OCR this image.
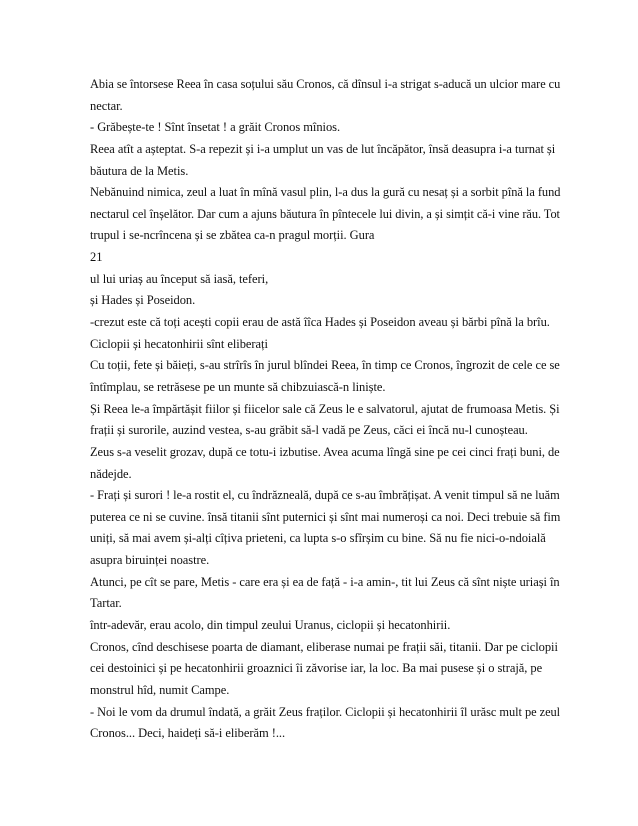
Abia se întorsese Reea în casa soțului său Cronos, că dînsul i-a strigat s-aducă un ulcior mare cu
nectar.
- Grăbește-te ! Sînt însetat ! a grăit Cronos mînios.
Reea atît a așteptat. S-a repezit și i-a umplut un vas de lut încăpător, însă deasupra i-a turnat și
băutura de la Metis.
Nebănuind nimica, zeul a luat în mînă vasul plin, l-a dus la gură cu nesaț și a sorbit pînă la fund
nectarul cel înșelător. Dar cum a ajuns băutura în pîntecele lui divin, a și simțit că-i vine rău. Tot
trupul i se-ncrîncena și se zbătea ca-n pragul morții. Gura
21
ul lui uriaș au început să iasă, teferi,
și Hades și Poseidon.
-crezut este că toți acești copii erau de astă îîca Hades și Poseidon aveau și bărbi pînă la brîu.
Ciclopii și hecatonhirii sînt eliberați
Cu toții, fete și băieți, s-au strîrîs în jurul blîndei Reea, în timp ce Cronos, îngrozit de cele ce se
întîmplau, se retrăsese pe un munte să chibzuiască-n liniște.
Și Reea le-a împărtășit fiilor și fiicelor sale că Zeus le e salvatorul, ajutat de frumoasa Metis. Și
frații și surorile, auzind vestea, s-au grăbit să-l vadă pe Zeus, căci ei încă nu-l cunoșteau.
Zeus s-a veselit grozav, după ce totu-i izbutise. Avea acuma lîngă sine pe cei cinci frați buni, de
nădejde.
- Frați și surori ! le-a rostit el, cu îndrăzneală, după ce s-au îmbrățișat. A venit timpul să ne luăm
puterea ce ni se cuvine. însă titanii sînt puternici și sînt mai numeroși ca noi. Deci trebuie să fim
uniți, să mai avem și-alți cîțiva prieteni, ca lupta s-o sfîrșim cu bine. Să nu fie nici-o-ndoială
asupra biruinței noastre.
Atunci, pe cît se pare, Metis - care era și ea de față - i-a amin-, tit lui Zeus că sînt niște uriași în
Tartar.
într-adevăr, erau acolo, din timpul zeului Uranus, ciclopii și hecatonhirii.
Cronos, cînd deschisese poarta de diamant, eliberase numai pe frații săi, titanii. Dar pe ciclopii
cei destoinici și pe hecatonhirii groaznici îi zăvorise iar, la loc. Ba mai pusese și o strajă, pe
monstrul hîd, numit Campe.
- Noi le vom da drumul îndată, a grăit Zeus fraților. Ciclopii și hecatonhirii îl urăsc mult pe zeul
Cronos... Deci, haideți să-i eliberăm !...
